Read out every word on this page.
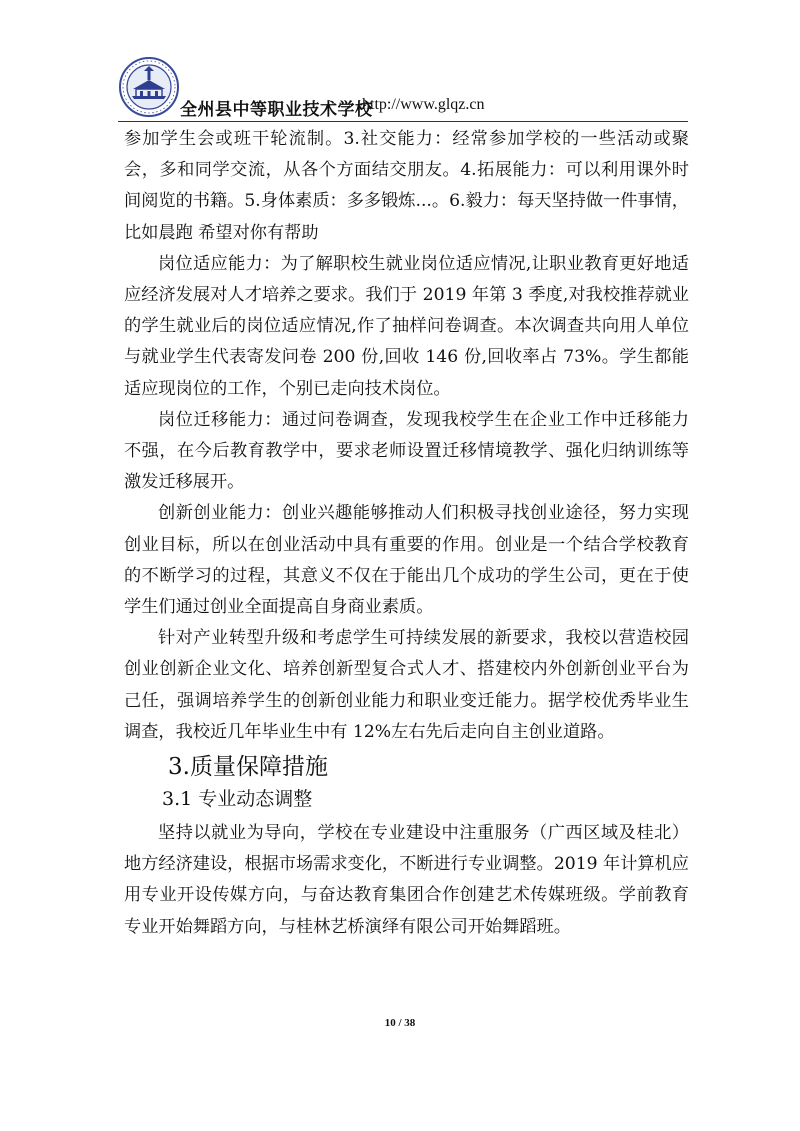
全州县中等职业技术学校
http://www.glqz.cn

参加学生会或班干轮流制。3.社交能力：经常参加学校的一些活动或聚会，多和同学交流，从各个方面结交朋友。4.拓展能力：可以利用课外时间阅览的书籍。5.身体素质：多多锻炼...。6.毅力：每天坚持做一件事情，比如晨跑 希望对你有帮助

岗位适应能力：为了解职校生就业岗位适应情况,让职业教育更好地适应经济发展对人才培养之要求。我们于 2019 年第 3 季度,对我校推荐就业的学生就业后的岗位适应情况,作了抽样问卷调查。本次调查共向用人单位与就业学生代表寄发问卷 200 份,回收 146 份,回收率占 73%。学生都能适应现岗位的工作，个别已走向技术岗位。

岗位迁移能力：通过问卷调查，发现我校学生在企业工作中迁移能力不强，在今后教育教学中，要求老师设置迁移情境教学、强化归纳训练等激发迁移展开。

创新创业能力：创业兴趣能够推动人们积极寻找创业途径，努力实现创业目标，所以在创业活动中具有重要的作用。创业是一个结合学校教育的不断学习的过程，其意义不仅在于能出几个成功的学生公司，更在于使学生们通过创业全面提高自身商业素质。

针对产业转型升级和考虑学生可持续发展的新要求，我校以营造校园创业创新企业文化、培养创新型复合式人才、搭建校内外创新创业平台为己任，强调培养学生的创新创业能力和职业变迁能力。据学校优秀毕业生调查，我校近几年毕业生中有 12%左右先后走向自主创业道路。

3.质量保障措施
3.1 专业动态调整

坚持以就业为导向，学校在专业建设中注重服务（广西区域及桂北）地方经济建设，根据市场需求变化，不断进行专业调整。2019 年计算机应用专业开设传媒方向，与奋达教育集团合作创建艺术传媒班级。学前教育专业开始舞蹈方向，与桂林艺桥演绎有限公司开始舞蹈班。

10 / 38
